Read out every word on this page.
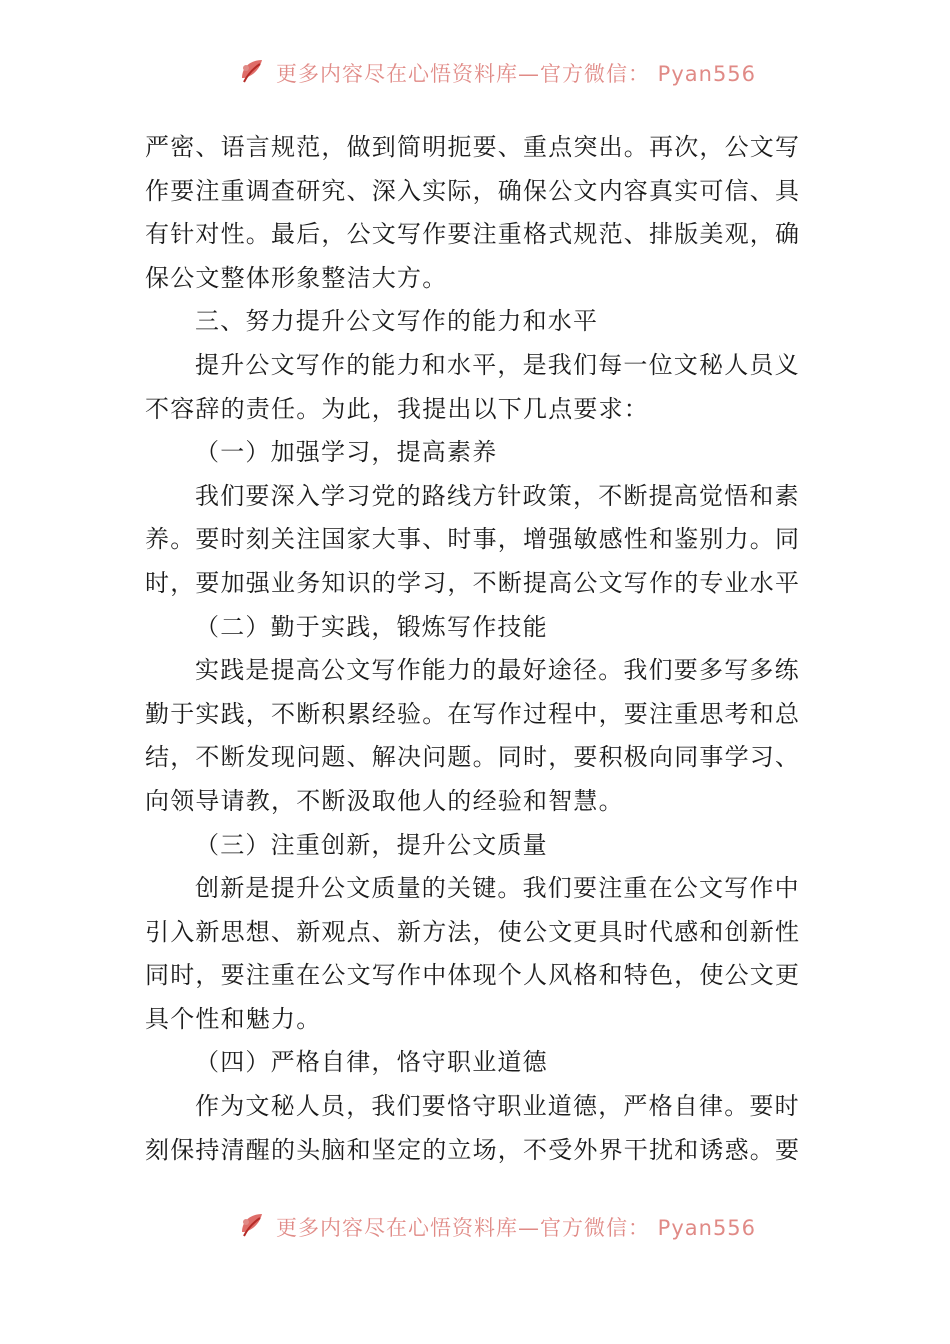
更多内容尽在心悟资料库—官方微信： Pyan556
严密、语言规范，做到简明扼要、重点突出。再次，公文写
作要注重调查研究、深入实际，确保公文内容真实可信、具
有针对性。最后，公文写作要注重格式规范、排版美观，确
保公文整体形象整洁大方。
三、努力提升公文写作的能力和水平
提升公文写作的能力和水平，是我们每一位文秘人员义
不容辞的责任。为此，我提出以下几点要求：
（一）加强学习，提高素养
我们要深入学习党的路线方针政策，不断提高觉悟和素
养。要时刻关注国家大事、时事，增强敏感性和鉴别力。同
时，要加强业务知识的学习，不断提高公文写作的专业水平
（二）勤于实践，锻炼写作技能
实践是提高公文写作能力的最好途径。我们要多写多练
勤于实践，不断积累经验。在写作过程中，要注重思考和总
结，不断发现问题、解决问题。同时，要积极向同事学习、
向领导请教，不断汲取他人的经验和智慧。
（三）注重创新，提升公文质量
创新是提升公文质量的关键。我们要注重在公文写作中
引入新思想、新观点、新方法，使公文更具时代感和创新性
同时，要注重在公文写作中体现个人风格和特色，使公文更
具个性和魅力。
（四）严格自律，恪守职业道德
作为文秘人员，我们要恪守职业道德，严格自律。要时
刻保持清醒的头脑和坚定的立场，不受外界干扰和诱惑。要
更多内容尽在心悟资料库—官方微信： Pyan556
